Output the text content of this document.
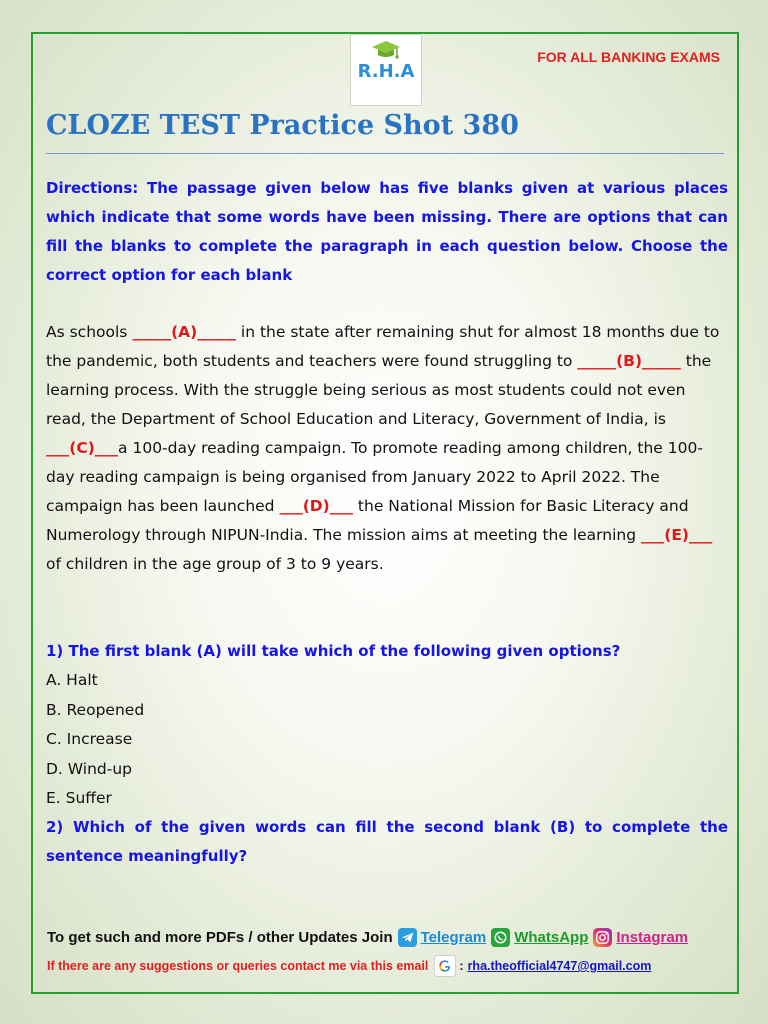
R.H.A
FOR ALL BANKING EXAMS
CLOZE TEST Practice Shot 380
Directions: The passage given below has five blanks given at various places which indicate that some words have been missing. There are options that can fill the blanks to complete the paragraph in each question below. Choose the correct option for each blank
As schools _____(A)_____ in the state after remaining shut for almost 18 months due to the pandemic, both students and teachers were found struggling to _____(B)_____ the learning process. With the struggle being serious as most students could not even read, the Department of School Education and Literacy, Government of India, is ___(C)___a 100-day reading campaign. To promote reading among children, the 100-day reading campaign is being organised from January 2022 to April 2022. The campaign has been launched ___(D)___ the National Mission for Basic Literacy and Numerology through NIPUN-India. The mission aims at meeting the learning ___(E)___ of children in the age group of 3 to 9 years.
1) The first blank (A) will take which of the following given options?
A. Halt
B. Reopened
C. Increase
D. Wind-up
E. Suffer
2) Which of the given words can fill the second blank (B) to complete the sentence meaningfully?
To get such and more PDFs / other Updates Join Telegram WhatsApp Instagram
If there are any suggestions or queries contact me via this email : rha.theofficial4747@gmail.com
